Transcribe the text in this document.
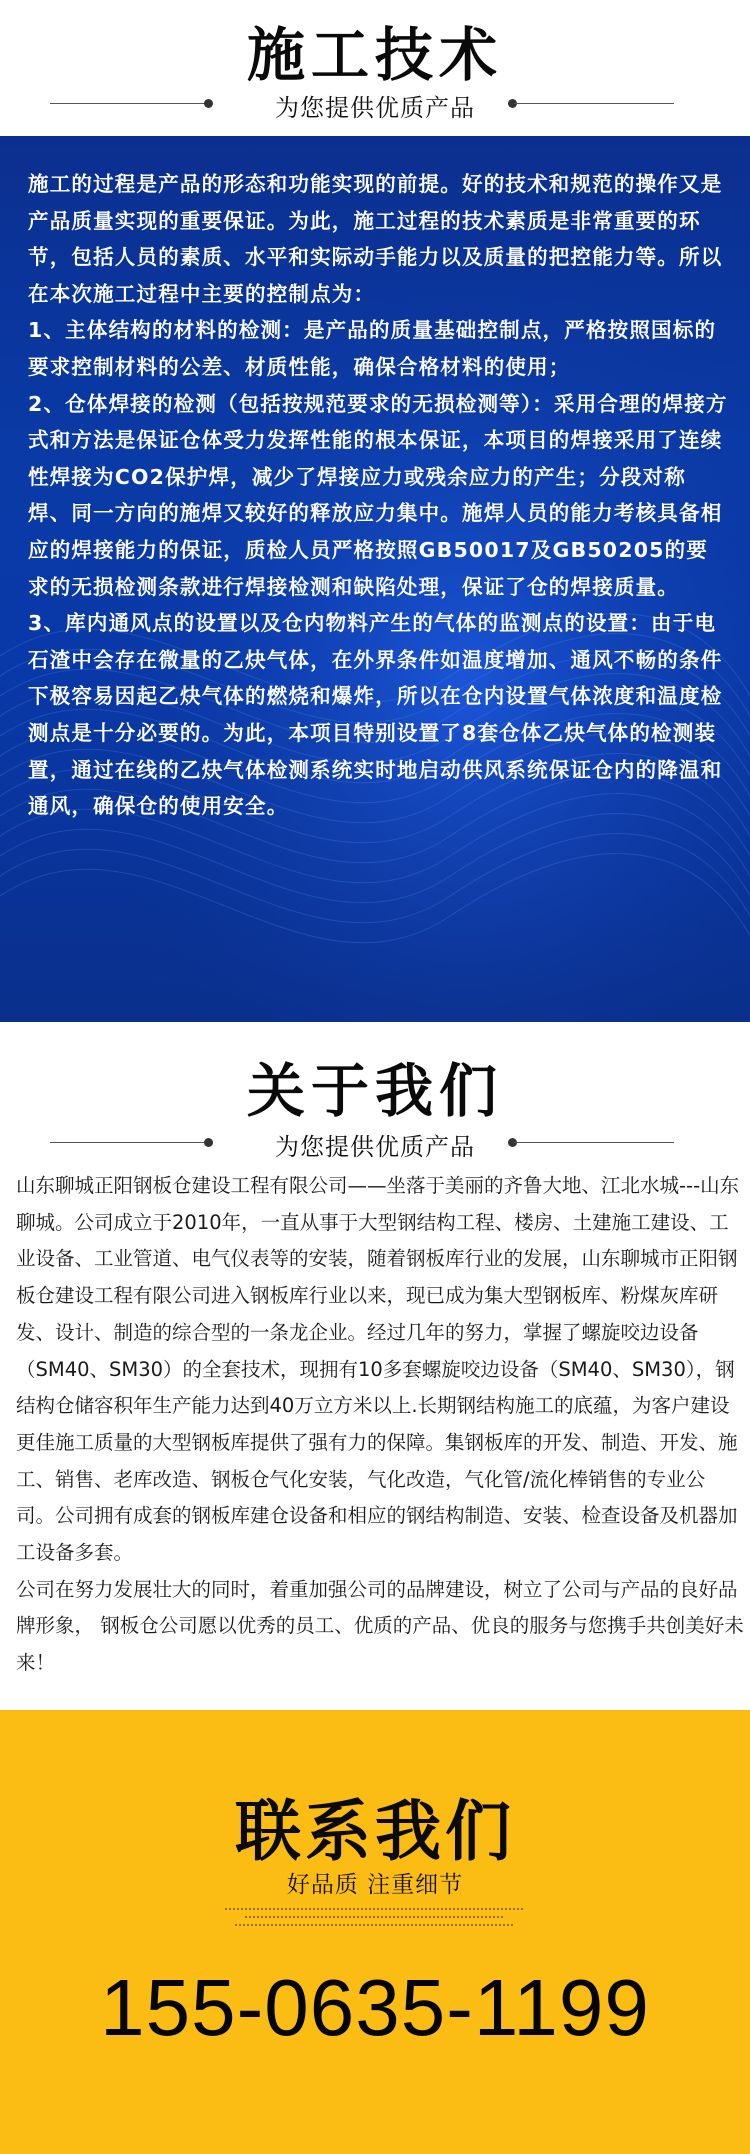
施工技术
为您提供优质产品

施工的过程是产品的形态和功能实现的前提。好的技术和规范的操作又是产品质量实现的重要保证。为此，施工过程的技术素质是非常重要的环节，包括人员的素质、水平和实际动手能力以及质量的把控能力等。所以在本次施工过程中主要的控制点为：

1、主体结构的材料的检测：是产品的质量基础控制点，严格按照国标的要求控制材料的公差、材质性能，确保合格材料的使用；

2、仓体焊接的检测（包括按规范要求的无损检测等）：采用合理的焊接方式和方法是保证仓体受力发挥性能的根本保证，本项目的焊接采用了连续性焊接为CO2保护焊，减少了焊接应力或残余应力的产生；分段对称焊、同一方向的施焊又较好的释放应力集中。施焊人员的能力考核具备相应的焊接能力的保证，质检人员严格按照GB50017及GB50205的要求的无损检测条款进行焊接检测和缺陷处理，保证了仓的焊接质量。

3、库内通风点的设置以及仓内物料产生的气体的监测点的设置：由于电石渣中会存在微量的乙炔气体，在外界条件如温度增加、通风不畅的条件下极容易因起乙炔气体的燃烧和爆炸，所以在仓内设置气体浓度和温度检测点是十分必要的。为此，本项目特别设置了8套仓体乙炔气体的检测装置，通过在线的乙炔气体检测系统实时地启动供风系统保证仓内的降温和通风，确保仓的使用安全。

关于我们
为您提供优质产品

山东聊城正阳钢板仓建设工程有限公司——坐落于美丽的齐鲁大地、江北水城---山东聊城。公司成立于2010年，一直从事于大型钢结构工程、楼房、土建施工建设、工业设备、工业管道、电气仪表等的安装，随着钢板库行业的发展，山东聊城市正阳钢板仓建设工程有限公司进入钢板库行业以来，现已成为集大型钢板库、粉煤灰库研发、设计、制造的综合型的一条龙企业。经过几年的努力，掌握了螺旋咬边设备（SM40、SM30）的全套技术，现拥有10多套螺旋咬边设备（SM40、SM30），钢结构仓储容积年生产能力达到40万立方米以上.长期钢结构施工的底蕴，为客户建设更佳施工质量的大型钢板库提供了强有力的保障。集钢板库的开发、制造、开发、施工、销售、老库改造、钢板仓气化安装，气化改造，气化管/流化棒销售的专业公司。公司拥有成套的钢板库建仓设备和相应的钢结构制造、安装、检查设备及机器加工设备多套。

公司在努力发展壮大的同时，着重加强公司的品牌建设，树立了公司与产品的良好品牌形象， 钢板仓公司愿以优秀的员工、优质的产品、优良的服务与您携手共创美好未来！

联系我们
好品质 注重细节
155-0635-1199
